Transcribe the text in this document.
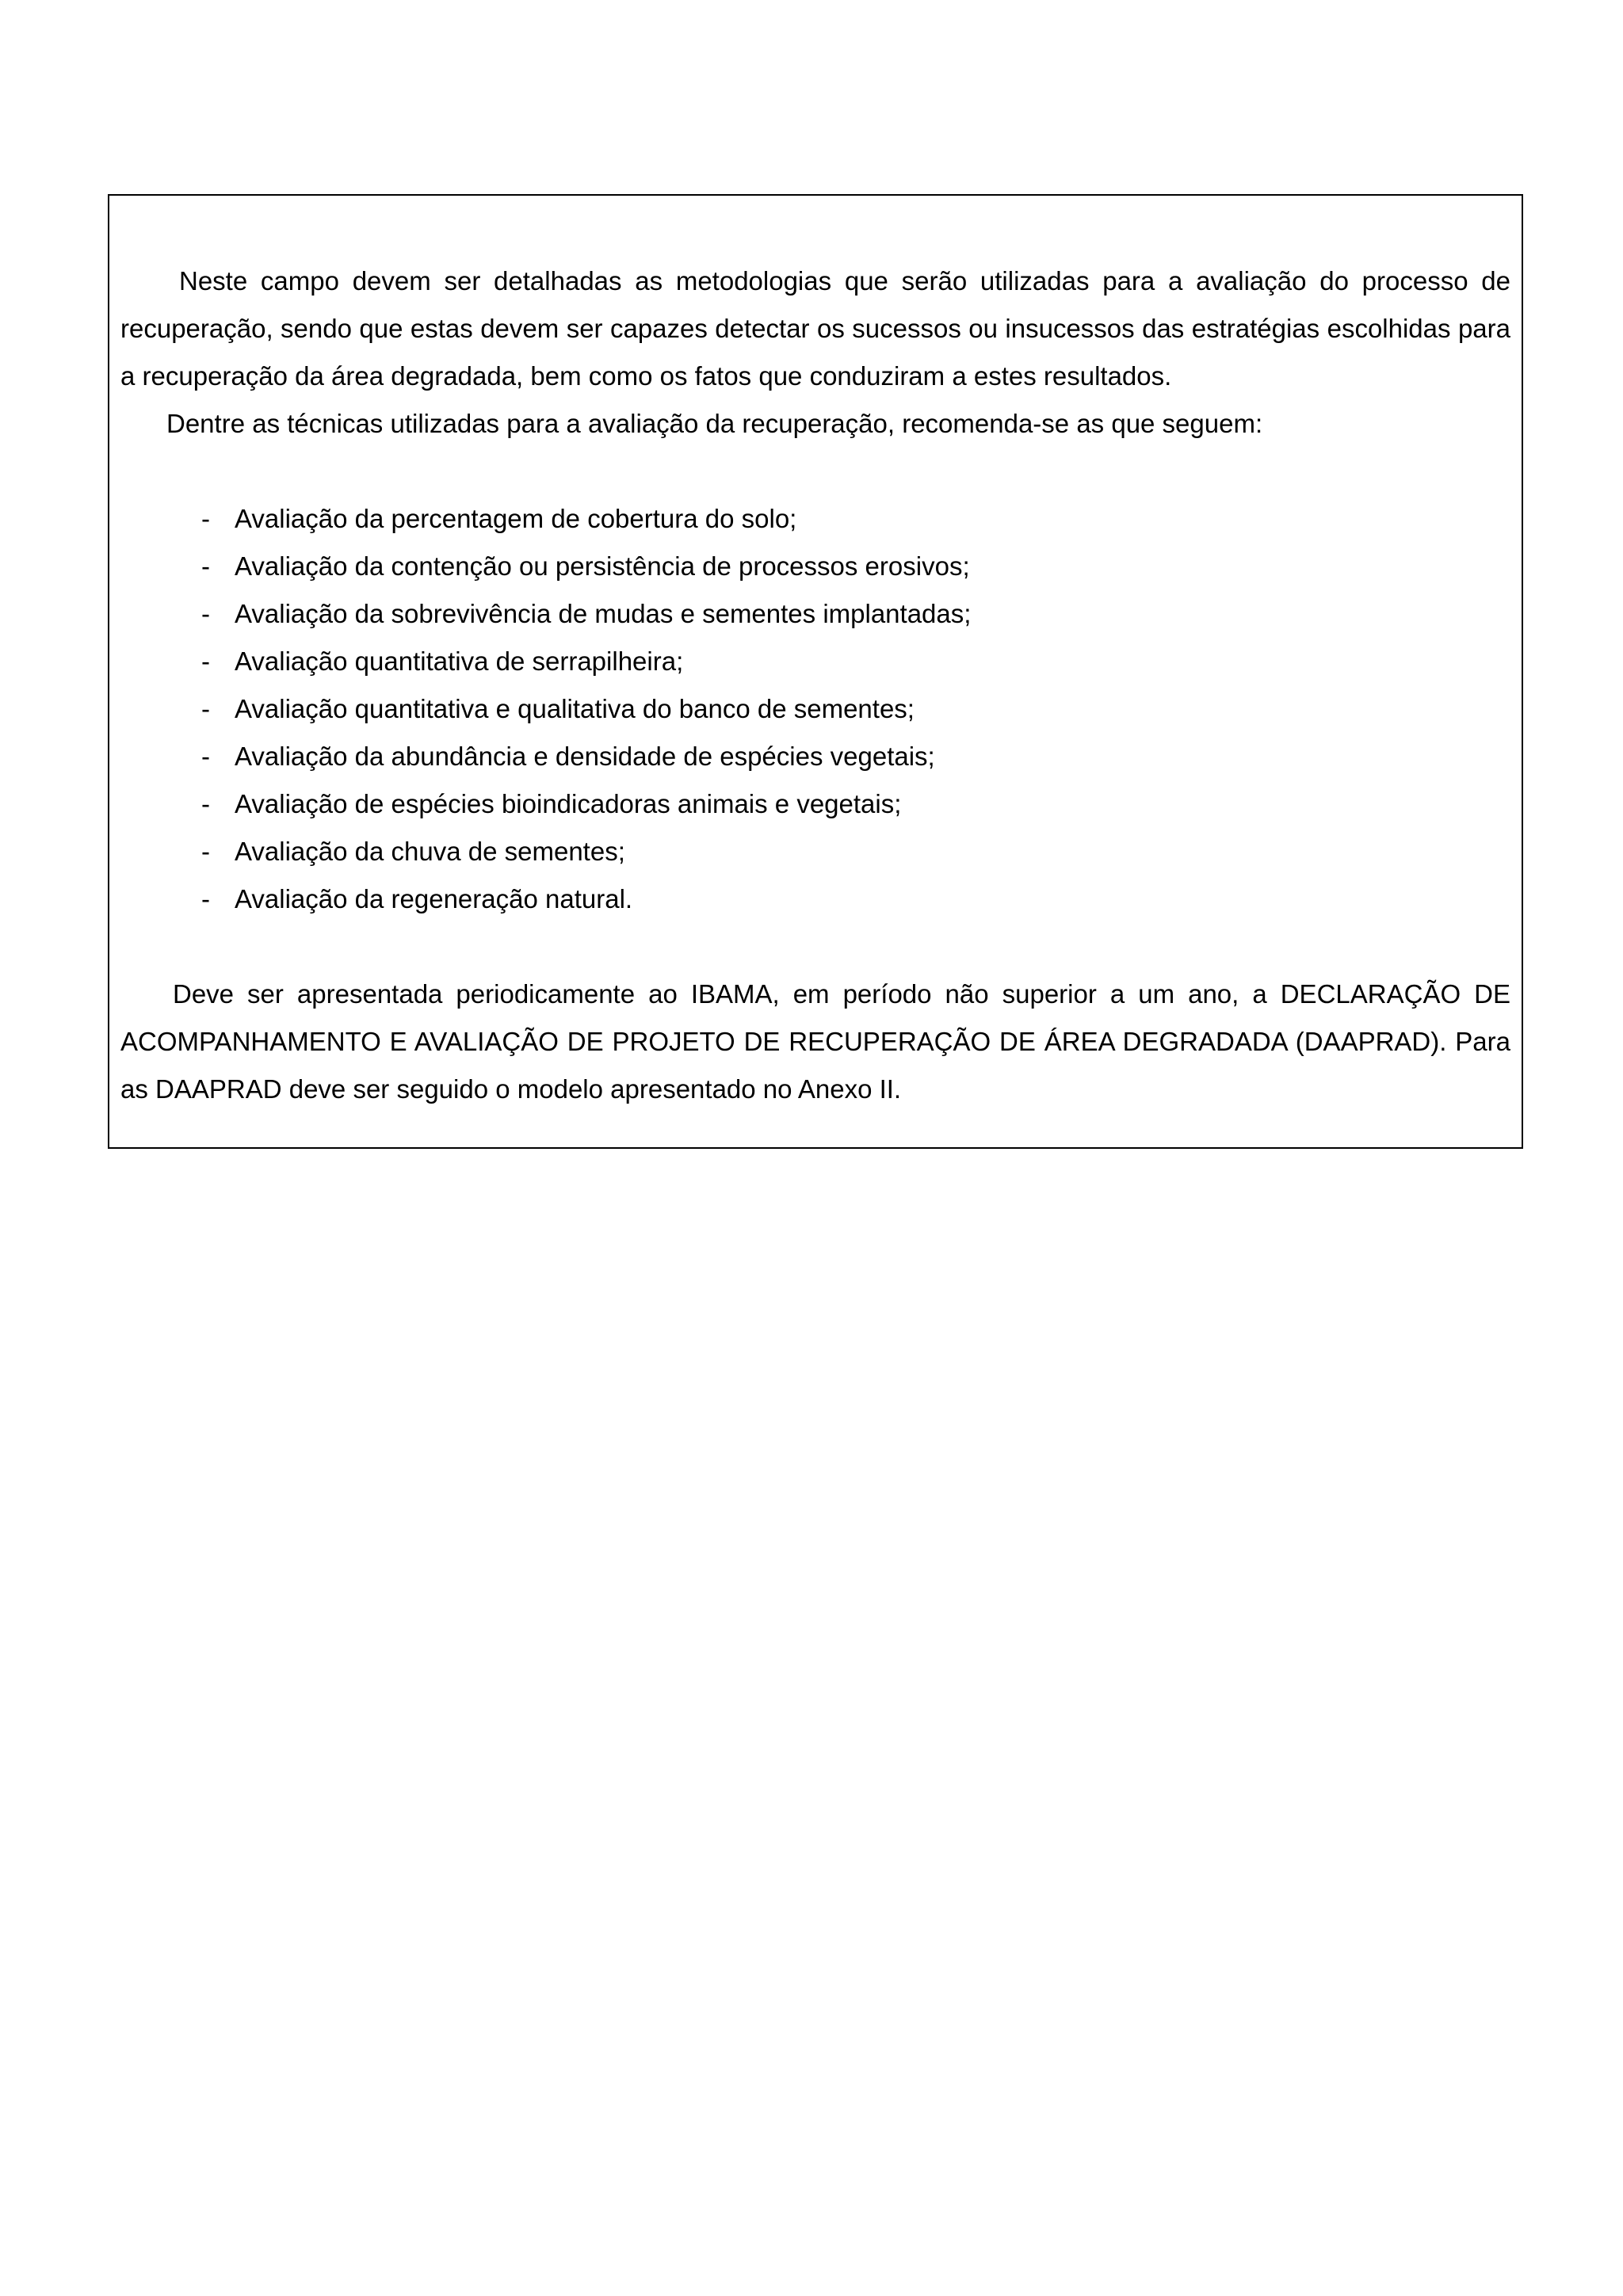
Neste campo devem ser detalhadas as metodologias que serão utilizadas para a avaliação do processo de recuperação, sendo que estas devem ser capazes detectar os sucessos ou insucessos das estratégias escolhidas para a recuperação da área degradada, bem como os fatos que conduziram a estes resultados.

Dentre as técnicas utilizadas para a avaliação da recuperação, recomenda-se as que seguem:

- Avaliação da percentagem de cobertura do solo;
- Avaliação da contenção ou persistência de processos erosivos;
- Avaliação da sobrevivência de mudas e sementes implantadas;
- Avaliação quantitativa de serrapilheira;
- Avaliação quantitativa e qualitativa do banco de sementes;
- Avaliação da abundância e densidade de espécies vegetais;
- Avaliação de espécies bioindicadoras animais e vegetais;
- Avaliação da chuva de sementes;
- Avaliação da regeneração natural.

Deve ser apresentada periodicamente ao IBAMA, em período não superior a um ano, a DECLARAÇÃO DE ACOMPANHAMENTO E AVALIAÇÃO DE PROJETO DE RECUPERAÇÃO DE ÁREA DEGRADADA (DAAPRAD). Para as DAAPRAD deve ser seguido o modelo apresentado no Anexo II.
